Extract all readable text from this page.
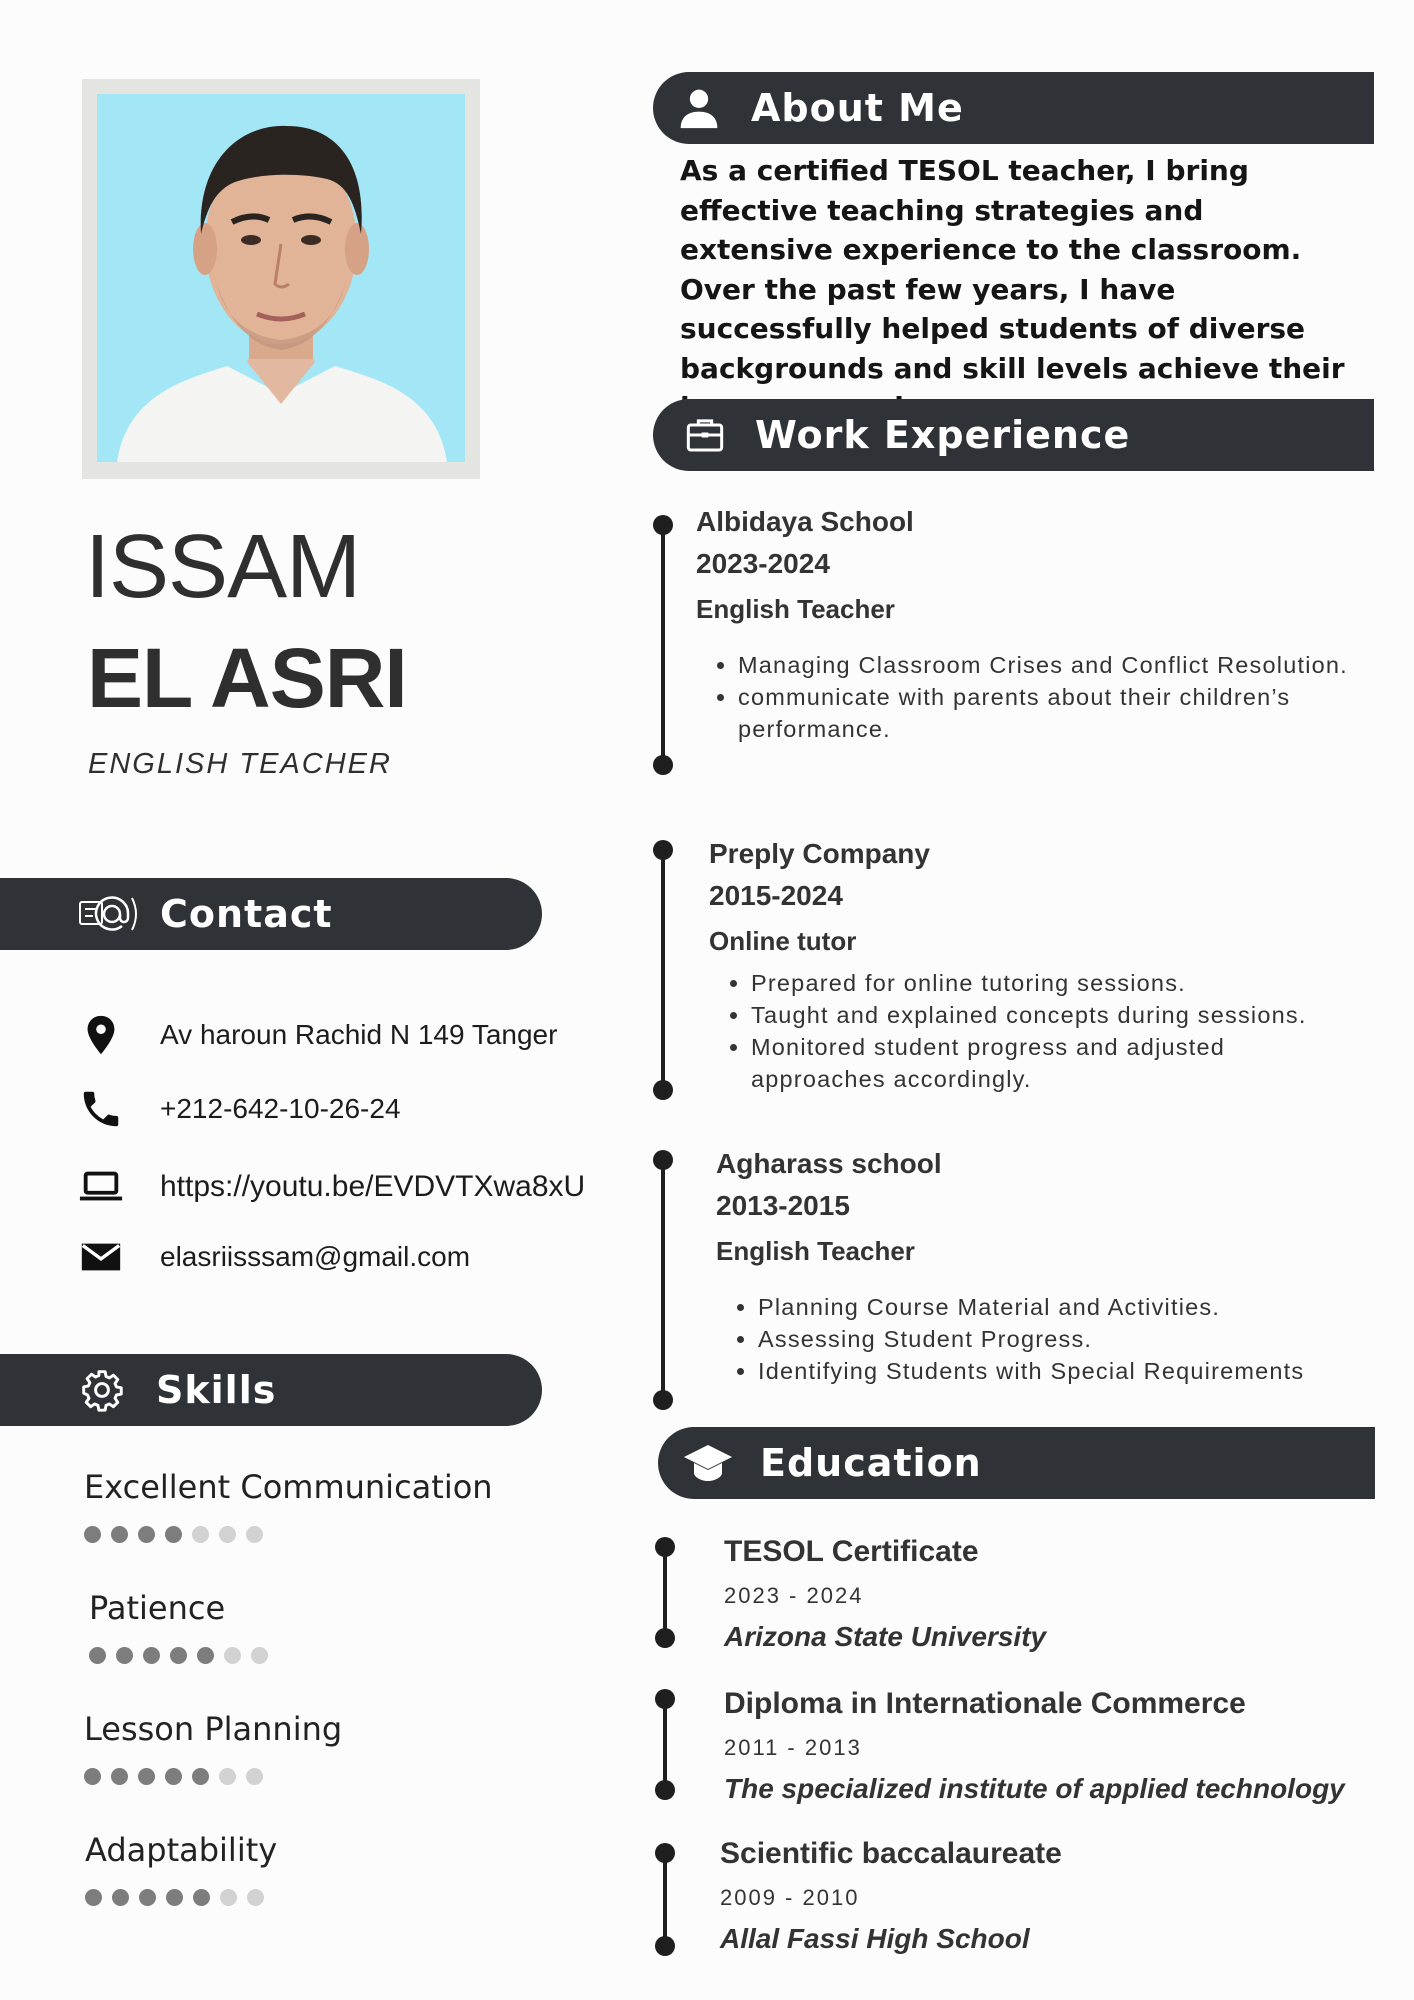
ISSAM
EL ASRI
ENGLISH TEACHER
Contact
Av haroun Rachid N 149 Tanger
+212-642-10-26-24
https://youtu.be/EVDVTXwa8xU
elasriisssam@gmail.com
Skills
Excellent Communication
Patience
Lesson Planning
Adaptability
About Me
As a certified TESOL teacher, I bring effective teaching strategies and extensive experience to the classroom. Over the past few years, I have successfully helped students of diverse backgrounds and skill levels achieve their
Work Experience
Albidaya School
2023-2024
English Teacher
• Managing Classroom Crises and Conflict Resolution.
• communicate with parents about their children’s performance.
Preply Company
2015-2024
Online tutor
• Prepared for online tutoring sessions.
• Taught and explained concepts during sessions.
• Monitored student progress and adjusted approaches accordingly.
Agharass school
2013-2015
English Teacher
• Planning Course Material and Activities.
• Assessing Student Progress.
• Identifying Students with Special Requirements
Education
TESOL Certificate
2023 - 2024
Arizona State University
Diploma in Internationale Commerce
2011 - 2013
The specialized institute of applied technology
Scientific baccalaureate
2009 - 2010
Allal Fassi High School
